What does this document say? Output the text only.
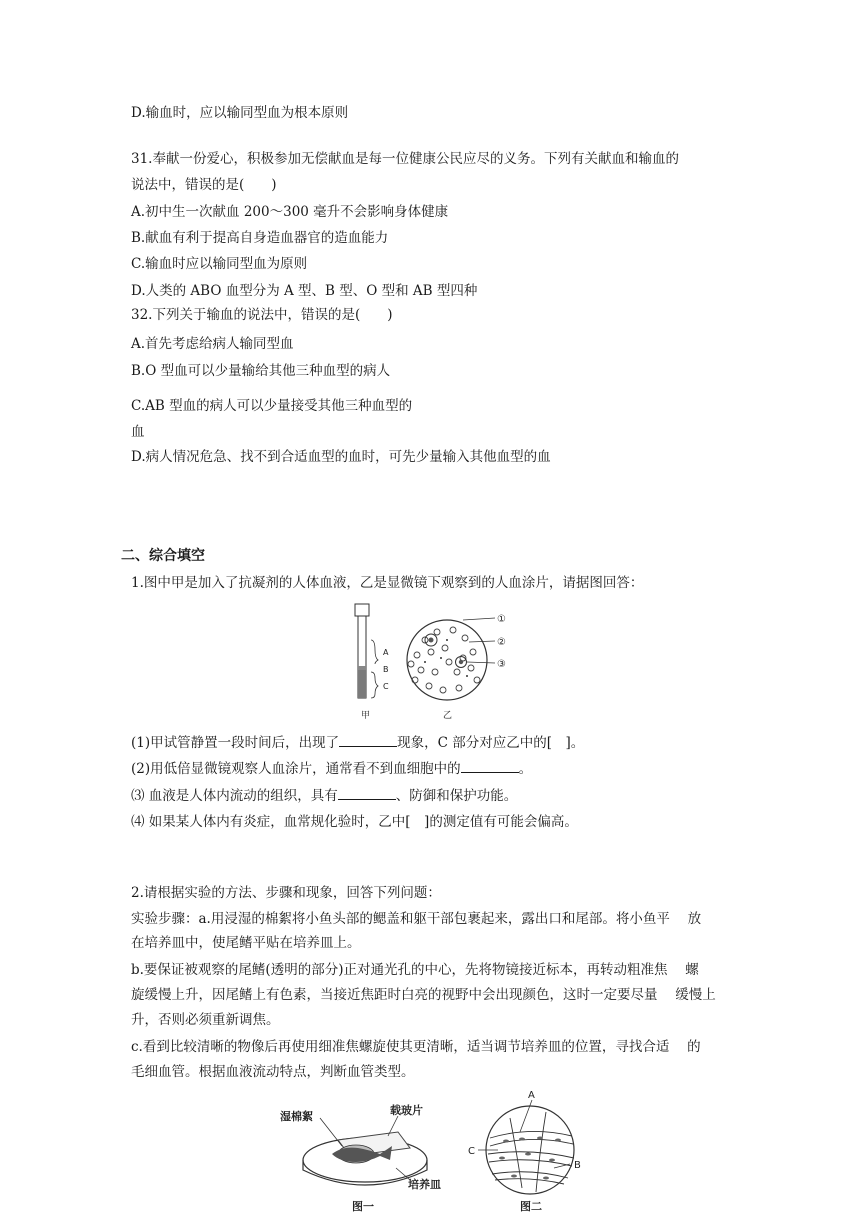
D.输血时，应以输同型血为根本原则
31.奉献一份爱心，积极参加无偿献血是每一位健康公民应尽的义务。下列有关献血和输血的
说法中，错误的是(　　)
A.初中生一次献血 200～300 毫升不会影响身体健康
B.献血有利于提高自身造血器官的造血能力
C.输血时应以输同型血为原则
D.人类的 ABO 血型分为 A 型、B 型、O 型和 AB 型四种
32.下列关于输血的说法中，错误的是(　　)
A.首先考虑给病人输同型血
B.O 型血可以少量输给其他三种血型的病人
C.AB 型血的病人可以少量接受其他三种血型的
血
D.病人情况危急、找不到合适血型的血时，可先少量输入其他血型的血
二、综合填空
1.图中甲是加入了抗凝剂的人体血液，乙是显微镜下观察到的人血涂片，请据图回答：
A
B
C
①
②
③
甲	乙
(1)甲试管静置一段时间后，出现了	现象，C 部分对应乙中的[　]。
(2)用低倍显微镜观察人血涂片，通常看不到血细胞中的	。
⑶ 血液是人体内流动的组织，具有	、防御和保护功能。
⑷ 如果某人体内有炎症，血常规化验时，乙中[　]的测定值有可能会偏高。
2.请根据实验的方法、步骤和现象，回答下列问题：
实验步骤：a.用浸湿的棉絮将小鱼头部的鳃盖和躯干部包裹起来，露出口和尾部。将小鱼平　 放
在培养皿中，使尾鳍平贴在培养皿上。
b.要保证被观察的尾鳍(透明的部分)正对通光孔的中心，先将物镜接近标本，再转动粗准焦　 螺
旋缓慢上升，因尾鳍上有色素，当接近焦距时白亮的视野中会出现颜色，这时一定要尽量　 缓慢上
升，否则必须重新调焦。
c.看到比较清晰的物像后再使用细准焦螺旋使其更清晰，适当调节培养皿的位置，寻找合适　 的
毛细血管。根据血液流动特点，判断血管类型。
湿棉絮	载玻片
培养皿
图一
A
B
C
图二
